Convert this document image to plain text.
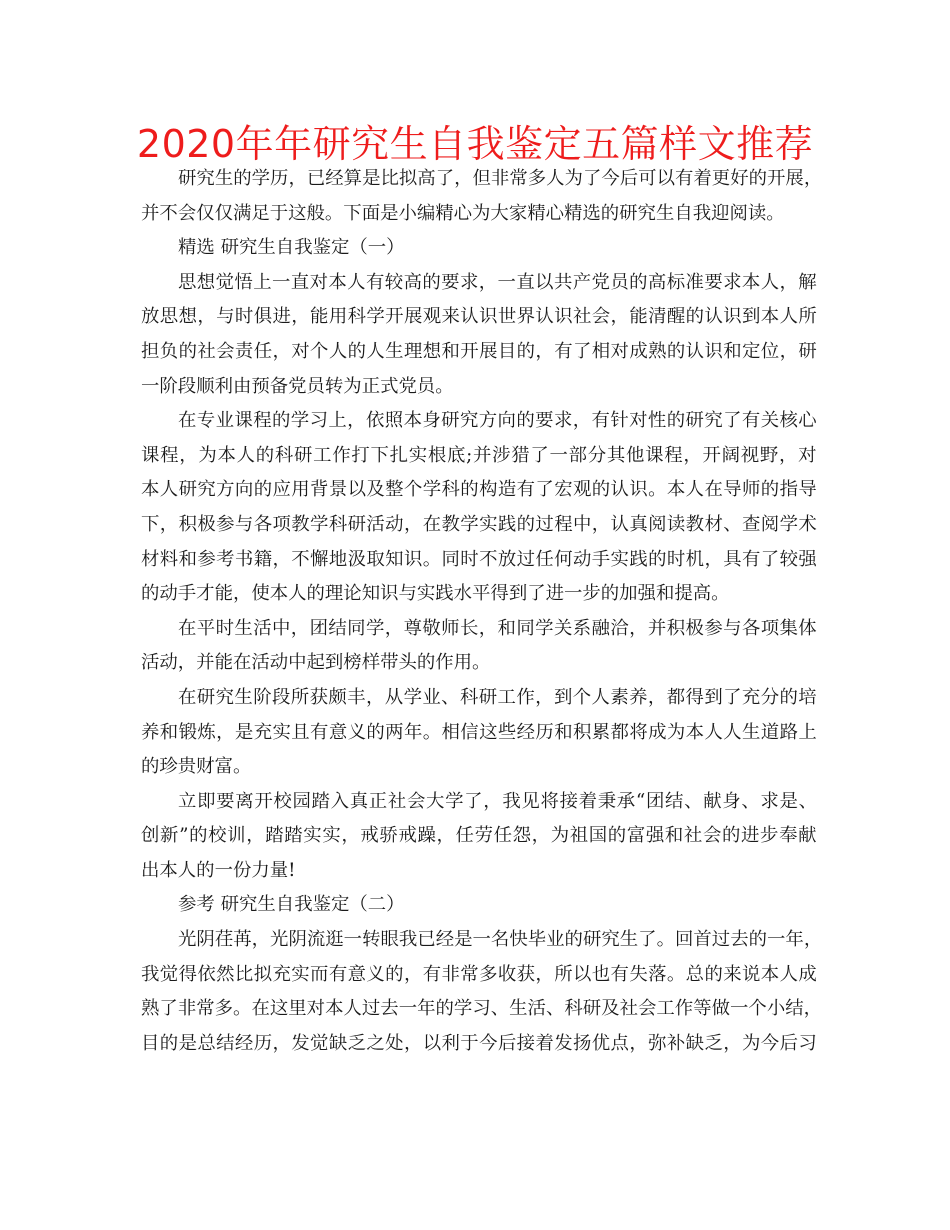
2020年年研究生自我鉴定五篇样文推荐
研 究 生 的 学 历 ， 已 经 算 是 比 拟 高 了 ， 但 非 常 多 人 为 了 今 后 可 以 有 着 更 好 的 开 展 ，
并不会仅仅满足于这般。下面是小编精心为大家精心精选的研究生自我迎阅读。
精选 研究生自我鉴定（一）
思 想 觉 悟 上 一 直 对 本 人 有 较 高 的 要 求 ， 一 直 以 共 产 党 员 的 高 标 准 要 求 本 人 ， 解
放 思 想 ， 与 时 俱 进 ， 能 用 科 学 开 展 观 来 认 识 世 界 认 识 社 会 ， 能 清 醒 的 认 识 到 本 人 所
担 负 的 社 会 责 任 ， 对 个 人 的 人 生 理 想 和 开 展 目 的 ， 有 了 相 对 成 熟 的 认 识 和 定 位 ， 研
一阶段顺利由预备党员转为正式党员。
在 专 业 课 程 的 学 习 上 ， 依 照 本 身 研 究 方 向 的 要 求 ， 有 针 对 性 的 研 究 了 有 关 核 心
课 程 ， 为 本 人 的 科 研 工 作 打 下 扎 实 根 底 ; 并 涉 猎 了 一 部 分 其 他 课 程 ， 开 阔 视 野 ， 对
本 人 研 究 方 向 的 应 用 背 景 以 及 整 个 学 科 的 构 造 有 了 宏 观 的 认 识 。 本 人 在 导 师 的 指 导
下 ， 积 极 参 与 各 项 教 学 科 研 活 动 ， 在 教 学 实 践 的 过 程 中 ， 认 真 阅 读 教 材 、 查 阅 学 术
材 料 和 参 考 书 籍 ， 不 懈 地 汲 取 知 识 。 同 时 不 放 过 任 何 动 手 实 践 的 时 机 ， 具 有 了 较 强
的动手才能，使本人的理论知识与实践水平得到了进一步的加强和提高。
在 平 时 生 活 中 ， 团 结 同 学 ， 尊 敬 师 长 ， 和 同 学 关 系 融 洽 ， 并 积 极 参 与 各 项 集 体
活动，并能在活动中起到榜样带头的作用。
在 研 究 生 阶 段 所 获 颇 丰 ， 从 学 业 、 科 研 工 作 ， 到 个 人 素 养 ， 都 得 到 了 充 分 的 培
养 和 锻 炼 ， 是 充 实 且 有 意 义 的 两 年 。 相 信 这 些 经 历 和 积 累 都 将 成 为 本 人 人 生 道 路 上
的珍贵财富。
立 即 要 离 开 校 园 踏 入 真 正 社 会 大 学 了 ， 我 见 将 接 着 秉 承 “ 团 结 、 献 身 、 求 是 、
创 新 ” 的 校 训 ， 踏 踏 实 实 ， 戒 骄 戒 躁 ， 任 劳 任 怨 ， 为 祖 国 的 富 强 和 社 会 的 进 步 奉 献
出本人的一份力量!
参考 研究生自我鉴定（二）
光 阴 荏 苒 ， 光 阴 流 逛 一 转 眼 我 已 经 是 一 名 快 毕 业 的 研 究 生 了 。 回 首 过 去 的 一 年 ，
我 觉 得 依 然 比 拟 充 实 而 有 意 义 的 ， 有 非 常 多 收 获 ， 所 以 也 有 失 落 。 总 的 来 说 本 人 成
熟 了 非 常 多 。 在 这 里 对 本 人 过 去 一 年 的 学 习 、 生 活 、 科 研 及 社 会 工 作 等 做 一 个 小 结 ，
目 的 是 总 结 经 历 ， 发 觉 缺 乏 之 处 ， 以 利 于 今 后 接 着 发 扬 优 点 ， 弥 补 缺 乏 ， 为 今 后 习
